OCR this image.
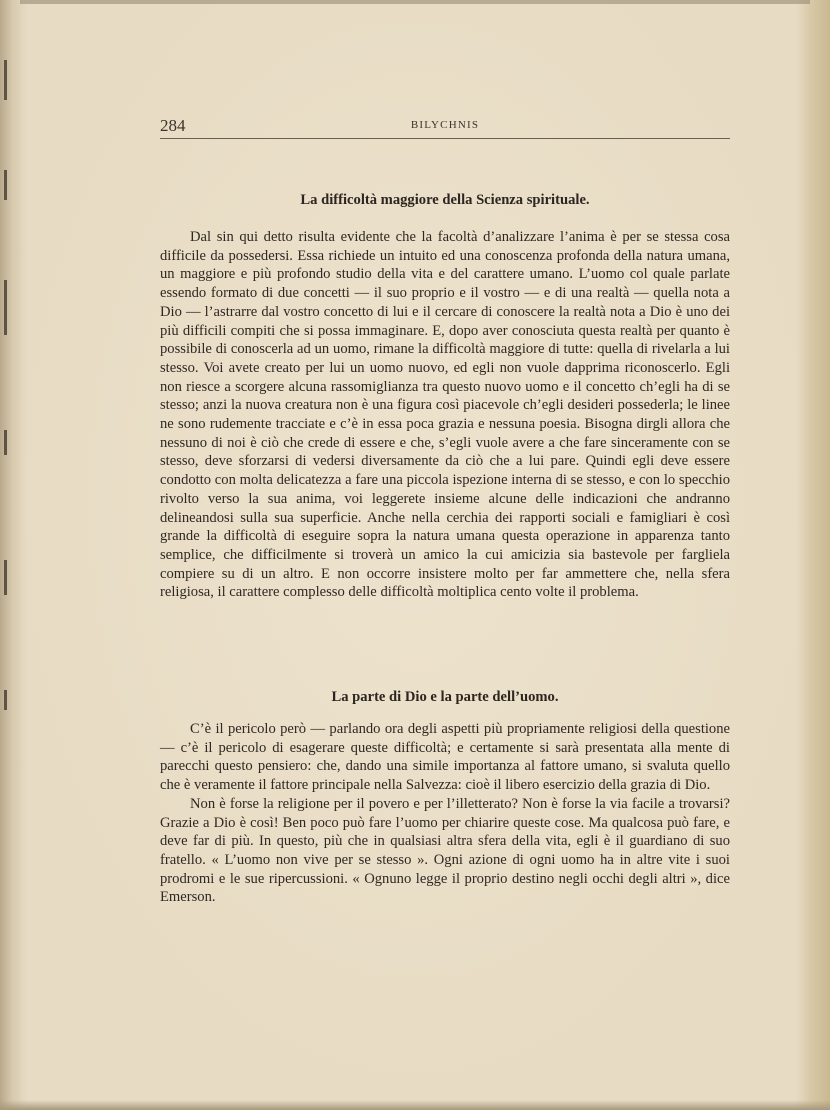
284	BILYCHNIS
La difficoltà maggiore della Scienza spirituale.

Dal sin qui detto risulta evidente che la facoltà d’analizzare l’anima è per se stessa cosa difficile da possedersi. Essa richiede un intuito ed una conoscenza profonda della natura umana, un maggiore e più profondo studio della vita e del carattere umano. L’uomo col quale parlate essendo formato di due concetti — il suo proprio e il vostro — e di una realtà — quella nota a Dio — l’astrarre dal vostro concetto di lui e il cercare di conoscere la realtà nota a Dio è uno dei più difficili compiti che si possa immaginare. E, dopo aver conosciuta questa realtà per quanto è possibile di conoscerla ad un uomo, rimane la difficoltà maggiore di tutte: quella di rivelarla a lui stesso. Voi avete creato per lui un uomo nuovo, ed egli non vuole dapprima riconoscerlo. Egli non riesce a scorgere alcuna rassomiglianza tra questo nuovo uomo e il concetto ch’egli ha di se stesso; anzi la nuova creatura non è una figura così piacevole ch’egli desideri possederla; le linee ne sono rudemente tracciate e c’è in essa poca grazia e nessuna poesia. Bisogna dirgli allora che nessuno di noi è ciò che crede di essere e che, s’egli vuole avere a che fare sinceramente con se stesso, deve sforzarsi di vedersi diversamente da ciò che a lui pare. Quindi egli deve essere condotto con molta delicatezza a fare una piccola ispezione interna di se stesso, e con lo specchio rivolto verso la sua anima, voi leggerete insieme alcune delle indicazioni che andranno delineandosi sulla sua superficie. Anche nella cerchia dei rapporti sociali e famigliari è così grande la difficoltà di eseguire sopra la natura umana questa operazione in apparenza tanto semplice, che difficilmente si troverà un amico la cui amicizia sia bastevole per fargliela compiere su di un altro. E non occorre insistere molto per far ammettere che, nella sfera religiosa, il carattere complesso delle difficoltà moltiplica cento volte il problema.

La parte di Dio e la parte dell’uomo.

C’è il pericolo però — parlando ora degli aspetti più propriamente religiosi della questione — c’è il pericolo di esagerare queste difficoltà; e certamente si sarà presentata alla mente di parecchi questo pensiero: che, dando una simile importanza al fattore umano, si svaluta quello che è veramente il fattore principale nella Salvezza: cioè il libero esercizio della grazia di Dio.

Non è forse la religione per il povero e per l’illetterato? Non è forse la via facile a trovarsi? Grazie a Dio è così! Ben poco può fare l’uomo per chiarire queste cose. Ma qualcosa può fare, e deve far di più. In questo, più che in qualsiasi altra sfera della vita, egli è il guardiano di suo fratello. « L’uomo non vive per se stesso ». Ogni azione di ogni uomo ha in altre vite i suoi prodromi e le sue ripercussioni. « Ognuno legge il proprio destino negli occhi degli altri », dice Emerson.
